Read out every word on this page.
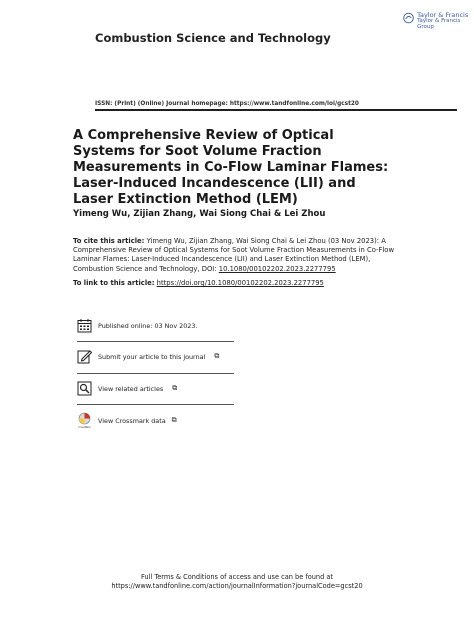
Taylor & Francis
Taylor & Francis Group
Combustion Science and Technology
ISSN: (Print) (Online) Journal homepage: https://www.tandfonline.com/loi/gcst20
A Comprehensive Review of Optical Systems for Soot Volume Fraction Measurements in Co-Flow Laminar Flames: Laser-Induced Incandescence (LII) and Laser Extinction Method (LEM)
Yimeng Wu, Zijian Zhang, Wai Siong Chai & Lei Zhou
To cite this article: Yimeng Wu, Zijian Zhang, Wai Siong Chai & Lei Zhou (03 Nov 2023): A Comprehensive Review of Optical Systems for Soot Volume Fraction Measurements in Co-Flow Laminar Flames: Laser-Induced Incandescence (LII) and Laser Extinction Method (LEM), Combustion Science and Technology, DOI: 10.1080/00102202.2023.2277795
To link to this article: https://doi.org/10.1080/00102202.2023.2277795
Published online: 03 Nov 2023.
Submit your article to this journal ⧉
View related articles ⧉
CrossMark
View Crossmark data ⧉
Full Terms & Conditions of access and use can be found at
https://www.tandfonline.com/action/journalInformation?journalCode=gcst20
